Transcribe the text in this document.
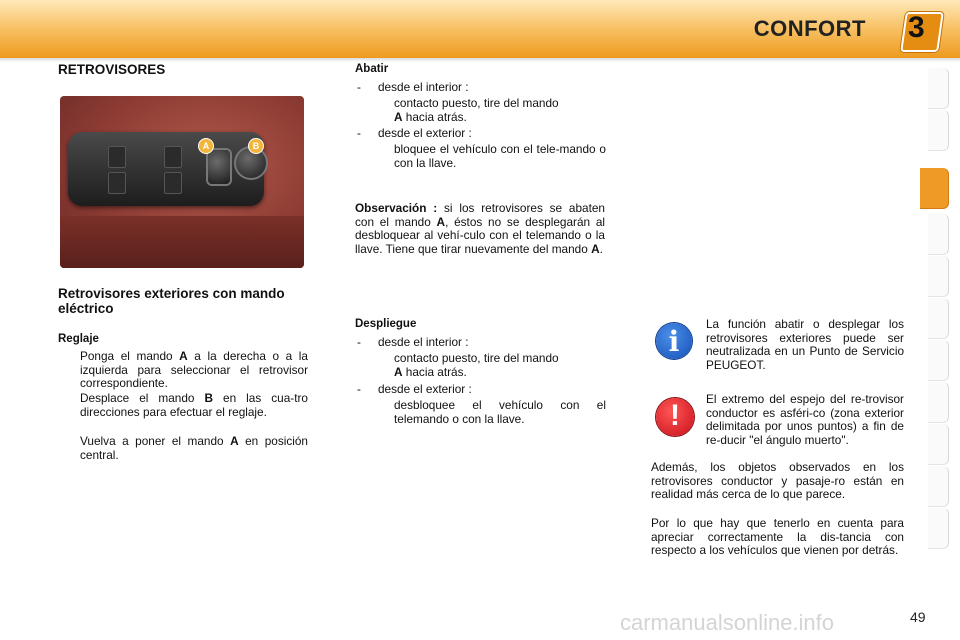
CONFORT 3
RETROVISORES
A	B
Retrovisores exteriores con mando eléctrico
Reglaje
Ponga el mando A a la derecha o a la izquierda para seleccionar el retrovisor correspondiente.
Desplace el mando B en las cua-tro direcciones para efectuar el reglaje.
Vuelva a poner el mando A en posición central.
Abatir
- desde el interior :
contacto puesto, tire del mando
A hacia atrás.
- desde el exterior :
bloquee el vehículo con el tele-mando o con la llave.
Observación : si los retrovisores se abaten con el mando A, éstos no se desplegarán al desbloquear al vehí-culo con el telemando o la llave. Tiene que tirar nuevamente del mando A.
Despliegue
- desde el interior :
contacto puesto, tire del mando
A hacia atrás.
- desde el exterior :
desbloquee el vehículo con el telemando o con la llave.
i
La función abatir o desplegar los retrovisores exteriores puede ser neutralizada en un Punto de Servicio PEUGEOT.
!	El extremo del espejo del re-trovisor conductor es asféri-co (zona exterior delimitada por unos puntos) a fin de re-ducir "el ángulo muerto".
Además, los objetos observados en los retrovisores conductor y pasaje-ro están en realidad más cerca de lo que parece.
Por lo que hay que tenerlo en cuenta para apreciar correctamente la dis-tancia con respecto a los vehículos que vienen por detrás.
carmanualsonline.info	49
